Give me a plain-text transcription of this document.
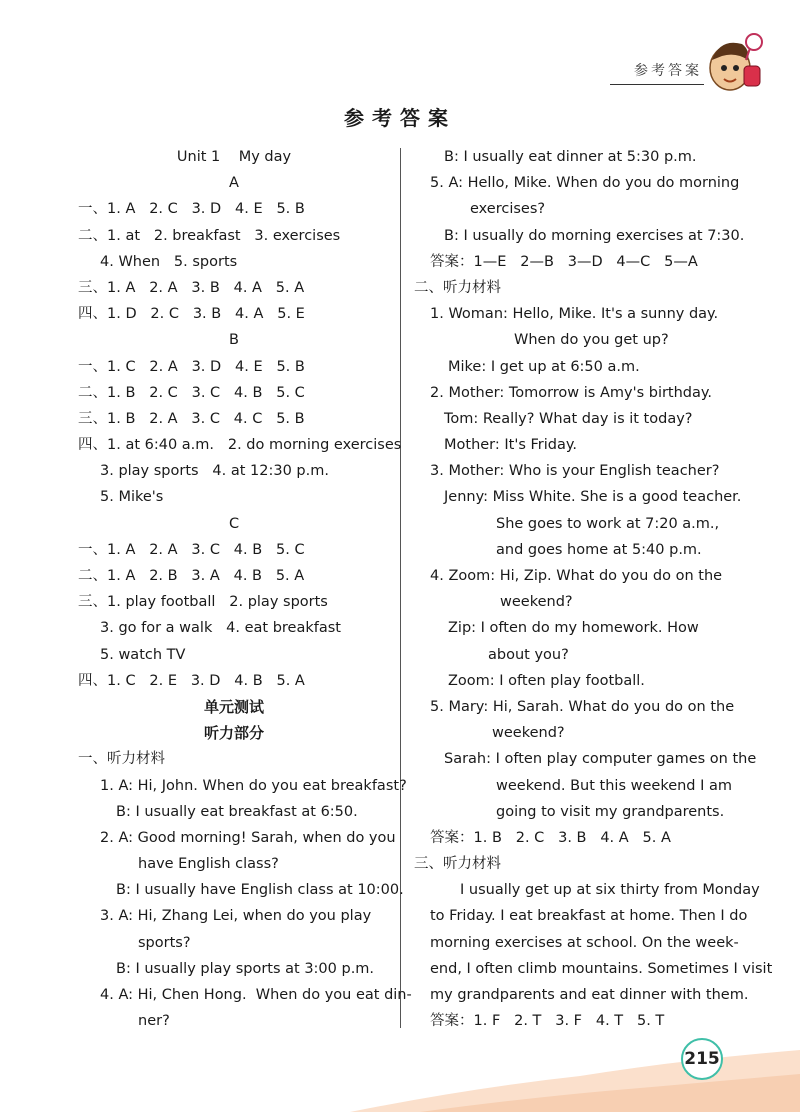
参考答案
参考答案
Unit 1    My day
A
一、1. A   2. C   3. D   4. E   5. B
二、1. at   2. breakfast   3. exercises
4. When   5. sports
三、1. A   2. A   3. B   4. A   5. A
四、1. D   2. C   3. B   4. A   5. E
B
一、1. C   2. A   3. D   4. E   5. B
二、1. B   2. C   3. C   4. B   5. C
三、1. B   2. A   3. C   4. C   5. B
四、1. at 6:40 a.m.   2. do morning exercises
3. play sports   4. at 12:30 p.m.
5. Mike's
C
一、1. A   2. A   3. C   4. B   5. C
二、1. A   2. B   3. A   4. B   5. A
三、1. play football   2. play sports
3. go for a walk   4. eat breakfast
5. watch TV
四、1. C   2. E   3. D   4. B   5. A
单元测试
听力部分
一、听力材料
1. A: Hi, John. When do you eat breakfast?
B: I usually eat breakfast at 6:50.
2. A: Good morning! Sarah, when do you
have English class?
B: I usually have English class at 10:00.
3. A: Hi, Zhang Lei, when do you play
sports?
B: I usually play sports at 3:00 p.m.
4. A: Hi, Chen Hong.  When do you eat din-
ner?
B: I usually eat dinner at 5:30 p.m.
5. A: Hello, Mike. When do you do morning
exercises?
B: I usually do morning exercises at 7:30.
答案：1—E   2—B   3—D   4—C   5—A
二、听力材料
1. Woman: Hello, Mike. It's a sunny day.
When do you get up?
Mike: I get up at 6:50 a.m.
2. Mother: Tomorrow is Amy's birthday.
Tom: Really? What day is it today?
Mother: It's Friday.
3. Mother: Who is your English teacher?
Jenny: Miss White. She is a good teacher.
She goes to work at 7:20 a.m.,
and goes home at 5:40 p.m.
4. Zoom: Hi, Zip. What do you do on the
weekend?
Zip: I often do my homework. How
about you?
Zoom: I often play football.
5. Mary: Hi, Sarah. What do you do on the
weekend?
Sarah: I often play computer games on the
weekend. But this weekend I am
going to visit my grandparents.
答案：1. B   2. C   3. B   4. A   5. A
三、听力材料
I usually get up at six thirty from Monday
to Friday. I eat breakfast at home. Then I do
morning exercises at school. On the week-
end, I often climb mountains. Sometimes I visit
my grandparents and eat dinner with them.
答案：1. F   2. T   3. F   4. T   5. T
215
